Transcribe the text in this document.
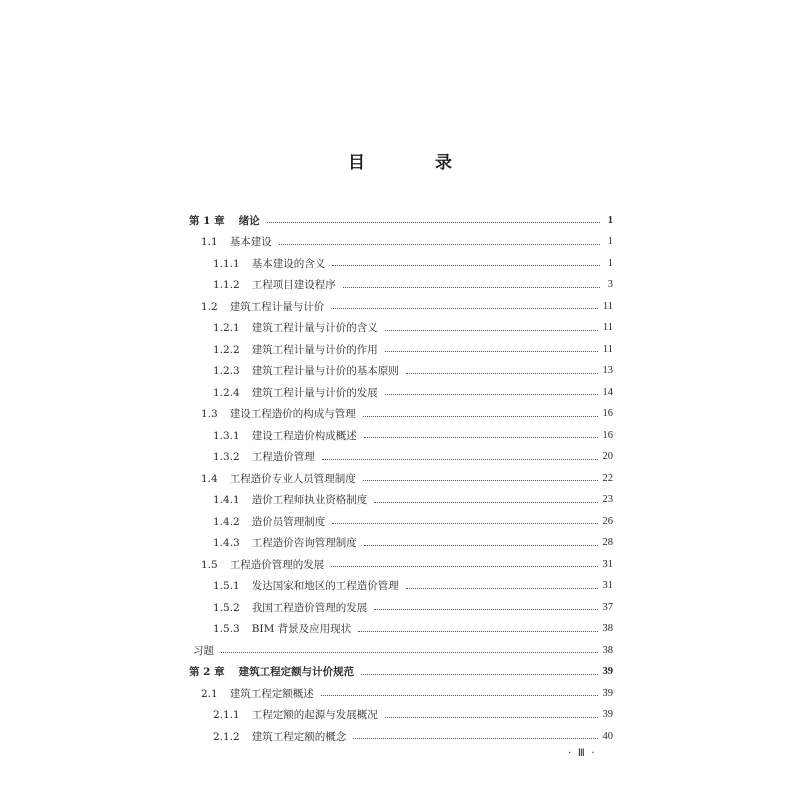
目 录
第 1 章 绪论	1
1.1 基本建设	1
1.1.1 基本建设的含义	1
1.1.2 工程项目建设程序	3
1.2 建筑工程计量与计价	11
1.2.1 建筑工程计量与计价的含义	11
1.2.2 建筑工程计量与计价的作用	11
1.2.3 建筑工程计量与计价的基本原则	13
1.2.4 建筑工程计量与计价的发展	14
1.3 建设工程造价的构成与管理	16
1.3.1 建设工程造价构成概述	16
1.3.2 工程造价管理	20
1.4 工程造价专业人员管理制度	22
1.4.1 造价工程师执业资格制度	23
1.4.2 造价员管理制度	26
1.4.3 工程造价咨询管理制度	28
1.5 工程造价管理的发展	31
1.5.1 发达国家和地区的工程造价管理	31
1.5.2 我国工程造价管理的发展	37
1.5.3 BIM 背景及应用现状	38
习题	38
第 2 章 建筑工程定额与计价规范	39
2.1 建筑工程定额概述	39
2.1.1 工程定额的起源与发展概况	39
2.1.2 建筑工程定额的概念	40
· Ⅲ ·
